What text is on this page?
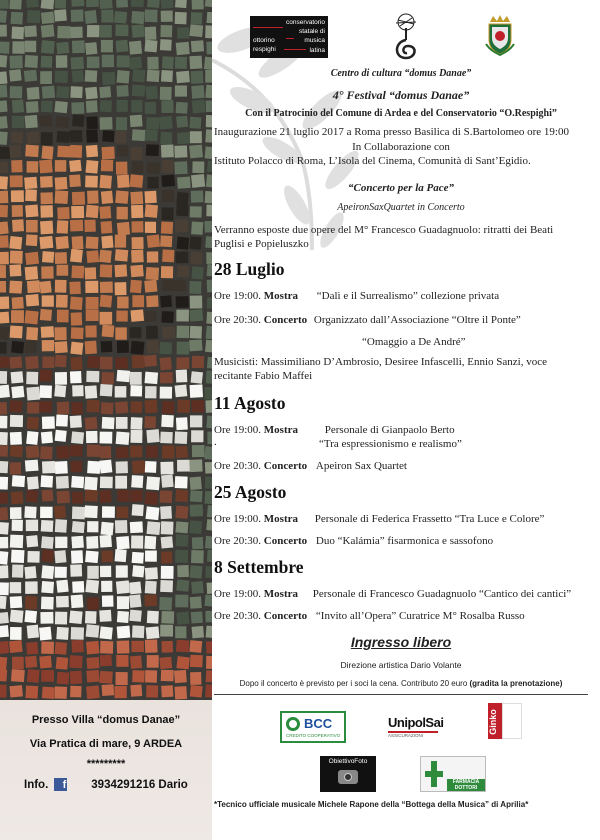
conservatorio
statale di
ottorino	musica
respighi	latina
Centro di cultura “domus Danae”
4° Festival “domus Danae”
Con il Patrocinio del Comune di Ardea e del Conservatorio “O.Respighi”
Inaugurazione 21 luglio 2017 a Roma presso Basilica di S.Bartolomeo ore 19:00
In Collaborazione con
Istituto Polacco di Roma, L’Isola del Cinema, Comunità di Sant’Egidio.
“Concerto per la Pace”
ApeironSaxQuartet in Concerto
Verranno esposte due opere del M° Francesco Guadagnuolo: ritratti dei Beati
Puglisi e Popieluszko
28 Luglio
Ore 19:00. Mostra “Dalì e il Surrealismo” collezione privata
Ore 20:30. Concerto Organizzato dall’Associazione “Oltre il Ponte”
“Omaggio a De André”
Musicisti: Massimiliano D’Ambrosio, Desiree Infascelli, Ennio Sanzi, voce
recitante Fabio Maffei
11 Agosto
Ore 19:00. Mostra Personale di Gianpaolo Berto
.	“Tra espressionismo e realismo”
Ore 20:30. Concerto Apeiron Sax Quartet
25 Agosto
Ore 19:00. Mostra Personale di Federica Frassetto “Tra Luce e Colore”
Ore 20:30. Concerto Duo “Kalámia” fisarmonica e sassofono
8 Settembre
Ore 19:00. Mostra Personale di Francesco Guadagnuolo “Cantico dei cantici”
Ore 20:30. Concerto “Invito all’Opera” Curatrice M° Rosalba Russo
Ingresso libero
Direzione artistica Dario Volante
Dopo il concerto è previsto per i soci la cena. Contributo 20 euro (gradita la prenotazione)
Presso Villa “domus Danae”
Via Pratica di mare, 9 ARDEA
*********
Info.	f 3934291216 Dario
BCC
CREDITO COOPERATIVO
UnipolSai
ASSICURAZIONI
Ginko
ObiettivoFoto
FARMACIA DOTTORI
*Tecnico ufficiale musicale Michele Rapone della “Bottega della Musica” di Aprilia*
